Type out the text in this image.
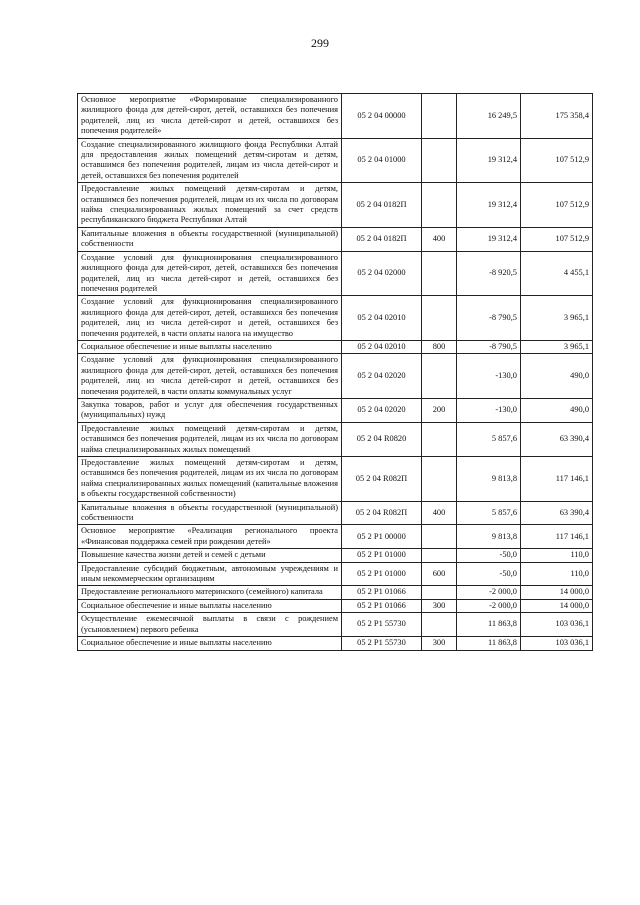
299
Основное мероприятие «Формирование специализированного жилищного фонда для детей-сирот, детей, оставшихся без попечения родителей, лиц из числа детей-сирот и детей, оставшихся без попечения родителей»	05 2 04 00000		16 249,5	175 358,4
Создание специализированного жилищного фонда Республики Алтай для предоставления жилых помещений детям-сиротам и детям, оставшимся без попечения родителей, лицам из числа детей-сирот и детей, оставшихся без попечения родителей	05 2 04 01000		19 312,4	107 512,9
Предоставление жилых помещений детям-сиротам и детям, оставшимся без попечения родителей, лицам из их числа по договорам найма специализированных жилых помещений за счет средств республиканского бюджета Республики Алтай	05 2 04 0182П		19 312,4	107 512,9
Капитальные вложения в объекты государственной (муниципальной) собственности	05 2 04 0182П	400	19 312,4	107 512,9
Создание условий для функционирования специализированного жилищного фонда для детей-сирот, детей, оставшихся без попечения родителей, лиц из числа детей-сирот и детей, оставшихся без попечения родителей	05 2 04 02000		-8 920,5	4 455,1
Создание условий для функционирования специализированного жилищного фонда для детей-сирот, детей, оставшихся без попечения родителей, лиц из числа детей-сирот и детей, оставшихся без попечения родителей, в части оплаты налога на имущество	05 2 04 02010		-8 790,5	3 965,1
Социальное обеспечение и иные выплаты населению	05 2 04 02010	800	-8 790,5	3 965,1
Создание условий для функционирования специализированного жилищного фонда для детей-сирот, детей, оставшихся без попечения родителей, лиц из числа детей-сирот и детей, оставшихся без попечения родителей, в части оплаты коммунальных услуг	05 2 04 02020		-130,0	490,0
Закупка товаров, работ и услуг для обеспечения государственных (муниципальных) нужд	05 2 04 02020	200	-130,0	490,0
Предоставление жилых помещений детям-сиротам и детям, оставшимся без попечения родителей, лицам из их числа по договорам найма специализированных жилых помещений	05 2 04 R0820		5 857,6	63 390,4
Предоставление жилых помещений детям-сиротам и детям, оставшимся без попечения родителей, лицам из их числа по договорам найма специализированных жилых помещений (капитальные вложения в объекты государственной собственности)	05 2 04 R082П		9 813,8	117 146,1
Капитальные вложения в объекты государственной (муниципальной) собственности	05 2 04 R082П	400	5 857,6	63 390,4
Основное мероприятие «Реализация регионального проекта «Финансовая поддержка семей при рождении детей»	05 2 P1 00000		9 813,8	117 146,1
Повышение качества жизни детей и семей с детьми	05 2 P1 01000		-50,0	110,0
Предоставление субсидий бюджетным, автономным учреждениям и иным некоммерческим организациям	05 2 P1 01000	600	-50,0	110,0
Предоставление регионального материнского (семейного) капитала	05 2 P1 01066		-2 000,0	14 000,0
Социальное обеспечение и иные выплаты населению	05 2 P1 01066	300	-2 000,0	14 000,0
Осуществление ежемесячной выплаты в связи с рождением (усыновлением) первого ребенка	05 2 P1 55730		11 863,8	103 036,1
Социальное обеспечение и иные выплаты населению	05 2 P1 55730	300	11 863,8	103 036,1
